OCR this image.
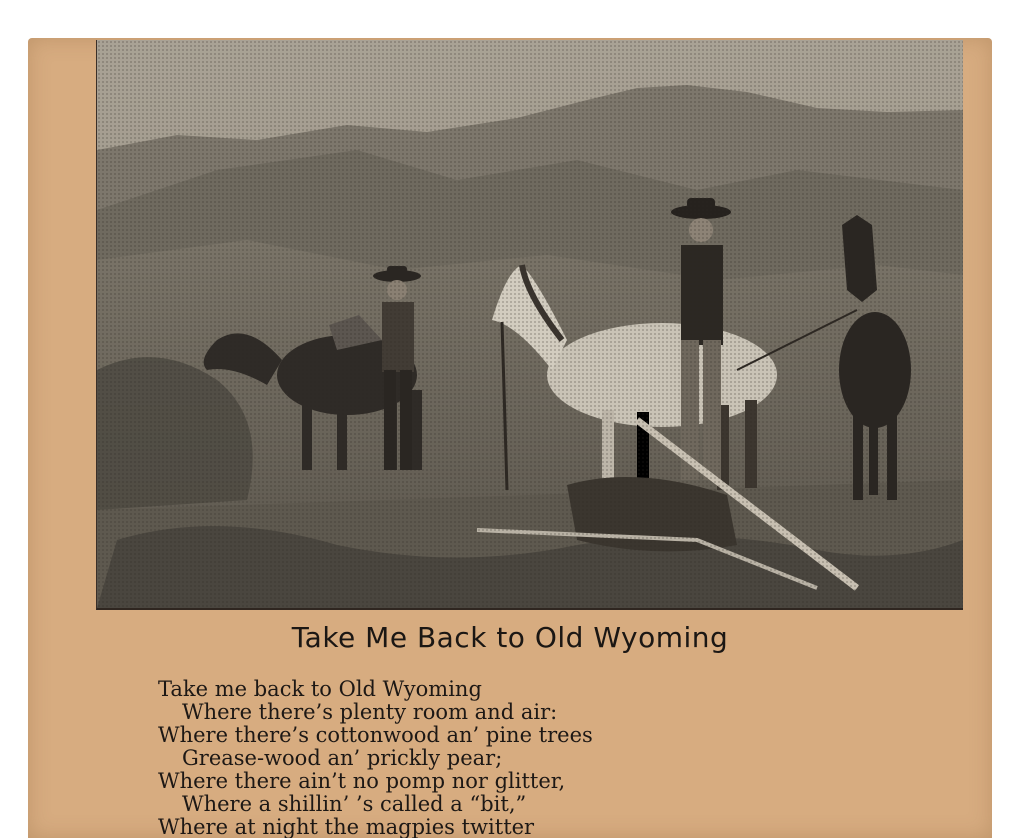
Take Me Back to Old Wyoming
Take me back to Old Wyoming
Where there’s plenty room and air:
Where there’s cottonwood an’ pine trees
Grease-wood an’ prickly pear;
Where there ain’t no pomp nor glitter,
Where a shillin’ ’s called a “bit,”
Where at night the magpies twitter
